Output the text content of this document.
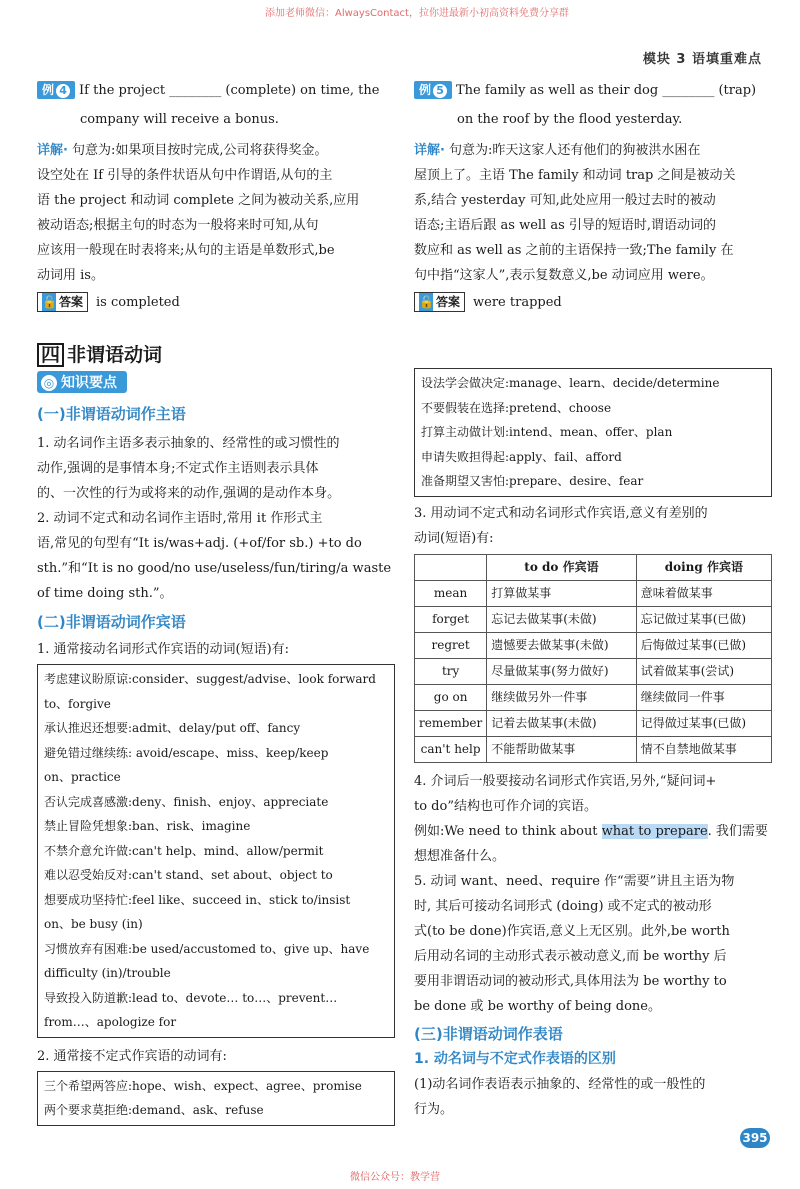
添加老师微信：AlwaysContact，拉你进最新小初高资料免费分享群
模块 3 语填重难点
例 4 If the project ________ (complete) on time, the
company will receive a bonus.
详解· 句意为:如果项目按时完成,公司将获得奖金。
设空处在 If 引导的条件状语从句中作谓语,从句的主
语 the project 和动词 complete 之间为被动关系,应用
被动语态;根据主句的时态为一般将来时可知,从句
应该用一般现在时表将来;从句的主语是单数形式,be
动词用 is。
🔓 答案 is completed
例 5 The family as well as their dog ________ (trap)
on the roof by the flood yesterday.
详解· 句意为:昨天这家人还有他们的狗被洪水困在
屋顶上了。主语 The family 和动词 trap 之间是被动关
系,结合 yesterday 可知,此处应用一般过去时的被动
语态;主语后跟 as well as 引导的短语时,谓语动词的
数应和 as well as 之前的主语保持一致;The family 在
句中指“这家人”,表示复数意义,be 动词应用 were。
🔓 答案 were trapped
四 非谓语动词
◎ 知识要点
(一)非谓语动词作主语
1. 动名词作主语多表示抽象的、经常性的或习惯性的
动作,强调的是事情本身;不定式作主语则表示具体
的、一次性的行为或将来的动作,强调的是动作本身。
2. 动词不定式和动名词作主语时,常用 it 作形式主
语,常见的句型有“It is/was+adj. (+of/for sb.) +to do
sth.”和“It is no good/no use/useless/fun/tiring/a waste
of time doing sth.”。
(二)非谓语动词作宾语
1. 通常接动名词形式作宾语的动词(短语)有:
考虑建议盼原谅:consider、suggest/advise、look forward
to、forgive
承认推迟还想要:admit、delay/put off、fancy
避免错过继续练: avoid/escape、miss、keep/keep
on、practice
否认完成喜感激:deny、finish、enjoy、appreciate
禁止冒险凭想象:ban、risk、imagine
不禁介意允许做:can't help、mind、allow/permit
难以忍受始反对:can't stand、set about、object to
想要成功坚持忙:feel like、succeed in、stick to/insist
on、be busy (in)
习惯放弃有困难:be used/accustomed to、give up、have
difficulty (in)/trouble
导致投入防道歉:lead to、devote… to…、prevent…
from…、apologize for
2. 通常接不定式作宾语的动词有:
三个希望两答应:hope、wish、expect、agree、promise
两个要求莫拒绝:demand、ask、refuse
设法学会做决定:manage、learn、decide/determine
不要假装在选择:pretend、choose
打算主动做计划:intend、mean、offer、plan
申请失败担得起:apply、fail、afford
准备期望又害怕:prepare、desire、fear
3. 用动词不定式和动名词形式作宾语,意义有差别的
动词(短语)有:
	to do 作宾语	doing 作宾语
mean	打算做某事	意味着做某事
forget	忘记去做某事(未做)	忘记做过某事(已做)
regret	遗憾要去做某事(未做)	后悔做过某事(已做)
try	尽量做某事(努力做好)	试着做某事(尝试)
go on	继续做另外一件事	继续做同一件事
remember	记着去做某事(未做)	记得做过某事(已做)
can't help	不能帮助做某事	情不自禁地做某事
4. 介词后一般要接动名词形式作宾语,另外,“疑问词+
to do”结构也可作介词的宾语。
例如:We need to think about what to prepare. 我们需要
想想准备什么。
5. 动词 want、need、require 作“需要”讲且主语为物
时, 其后可接动名词形式 (doing) 或不定式的被动形
式(to be done)作宾语,意义上无区别。此外,be worth
后用动名词的主动形式表示被动意义,而 be worthy 后
要用非谓语动词的被动形式,具体用法为 be worthy to
be done 或 be worthy of being done。
(三)非谓语动词作表语
1. 动名词与不定式作表语的区别
(1)动名词作表语表示抽象的、经常性的或一般性的
行为。
395
微信公众号：教学营
